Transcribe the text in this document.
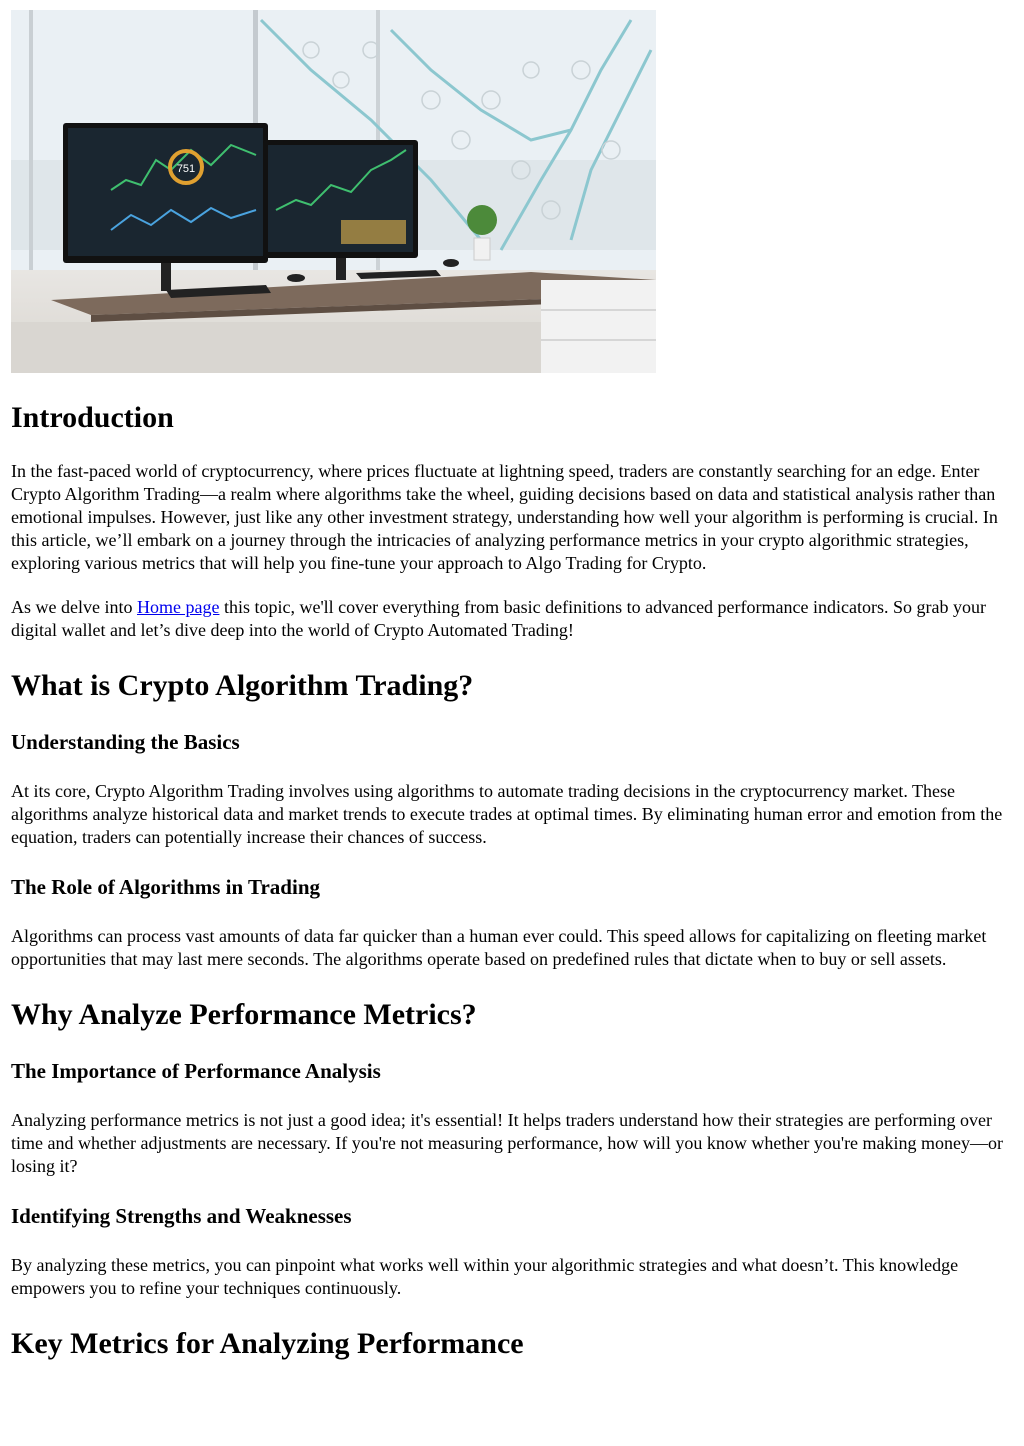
751
Introduction

In the fast-paced world of cryptocurrency, where prices fluctuate at lightning speed, traders are constantly searching for an edge. Enter Crypto Algorithm Trading—a realm where algorithms take the wheel, guiding decisions based on data and statistical analysis rather than emotional impulses. However, just like any other investment strategy, understanding how well your algorithm is performing is crucial. In this article, we’ll embark on a journey through the intricacies of analyzing performance metrics in your crypto algorithmic strategies, exploring various metrics that will help you fine-tune your approach to Algo Trading for Crypto.

As we delve into Home page this topic, we'll cover everything from basic definitions to advanced performance indicators. So grab your digital wallet and let’s dive deep into the world of Crypto Automated Trading!

What is Crypto Algorithm Trading?
Understanding the Basics

At its core, Crypto Algorithm Trading involves using algorithms to automate trading decisions in the cryptocurrency market. These algorithms analyze historical data and market trends to execute trades at optimal times. By eliminating human error and emotion from the equation, traders can potentially increase their chances of success.

The Role of Algorithms in Trading

Algorithms can process vast amounts of data far quicker than a human ever could. This speed allows for capitalizing on fleeting market opportunities that may last mere seconds. The algorithms operate based on predefined rules that dictate when to buy or sell assets.

Why Analyze Performance Metrics?
The Importance of Performance Analysis

Analyzing performance metrics is not just a good idea; it's essential! It helps traders understand how their strategies are performing over time and whether adjustments are necessary. If you're not measuring performance, how will you know whether you're making money—or losing it?

Identifying Strengths and Weaknesses

By analyzing these metrics, you can pinpoint what works well within your algorithmic strategies and what doesn’t. This knowledge empowers you to refine your techniques continuously.

Key Metrics for Analyzing Performance
